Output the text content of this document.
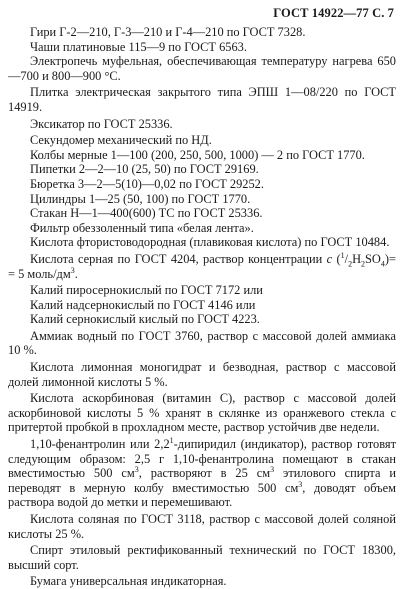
ГОСТ 14922—77 С. 7

Гири Г-2—210, Г-3—210 и Г-4—210 по ГОСТ 7328.

Чаши платиновые 115—9 по ГОСТ 6563.

Электропечь муфельная, обеспечивающая температуру нагрева 650—700 и 800—900 °С.

Плитка электрическая закрытого типа ЭПШ 1—08/220 по ГОСТ 14919.

Эксикатор по ГОСТ 25336.

Секундомер механический по НД.

Колбы мерные 1—100 (200, 250, 500, 1000) — 2 по ГОСТ 1770.

Пипетки 2—2—10 (25, 50) по ГОСТ 29169.

Бюретка 3—2—5(10)—0,02 по ГОСТ 29252.

Цилиндры 1—25 (50, 100) по ГОСТ 1770.

Стакан Н—1—400(600) ТС по ГОСТ 25336.

Фильтр обеззоленный типа «белая лента».

Кислота фтористоводородная (плавиковая кислота) по ГОСТ 10484.

Кислота серная по ГОСТ 4204, раствор концентрации c $(^1/_2H_2SO_4)= = 5$ моль/$дм^3$.

Калий пиросернокислый по ГОСТ 7172 или

Калий надсернокислый по ГОСТ 4146 или

Калий сернокислый кислый по ГОСТ 4223.

Аммиак водный по ГОСТ 3760, раствор с массовой долей аммиака 10 %.

Кислота лимонная моногидрат и безводная, раствор с массовой долей лимонной кислоты 5 %.

Кислота аскорбиновая (витамин С), раствор с массовой долей аскорбиновой кислоты 5 % хранят в склянке из оранжевого стекла с притертой пробкой в прохладном месте, раствор устойчив две недели.

1,10-фенантролин или $2,2^1$-дипиридил (индикатор), раствор готовят следующим образом: 2,5 г 1,10-фенантролина помещают в стакан вместимостью 500 $см^3$, растворяют в 25 $см^3$ этилового спирта и переводят в мерную колбу вместимостью 500 $см^3$, доводят объем раствора водой до метки и перемешивают.

Кислота соляная по ГОСТ 3118, раствор с массовой долей соляной кислоты 25 %.

Спирт этиловый ректификованный технический по ГОСТ 18300, высший сорт.

Бумага универсальная индикаторная.
